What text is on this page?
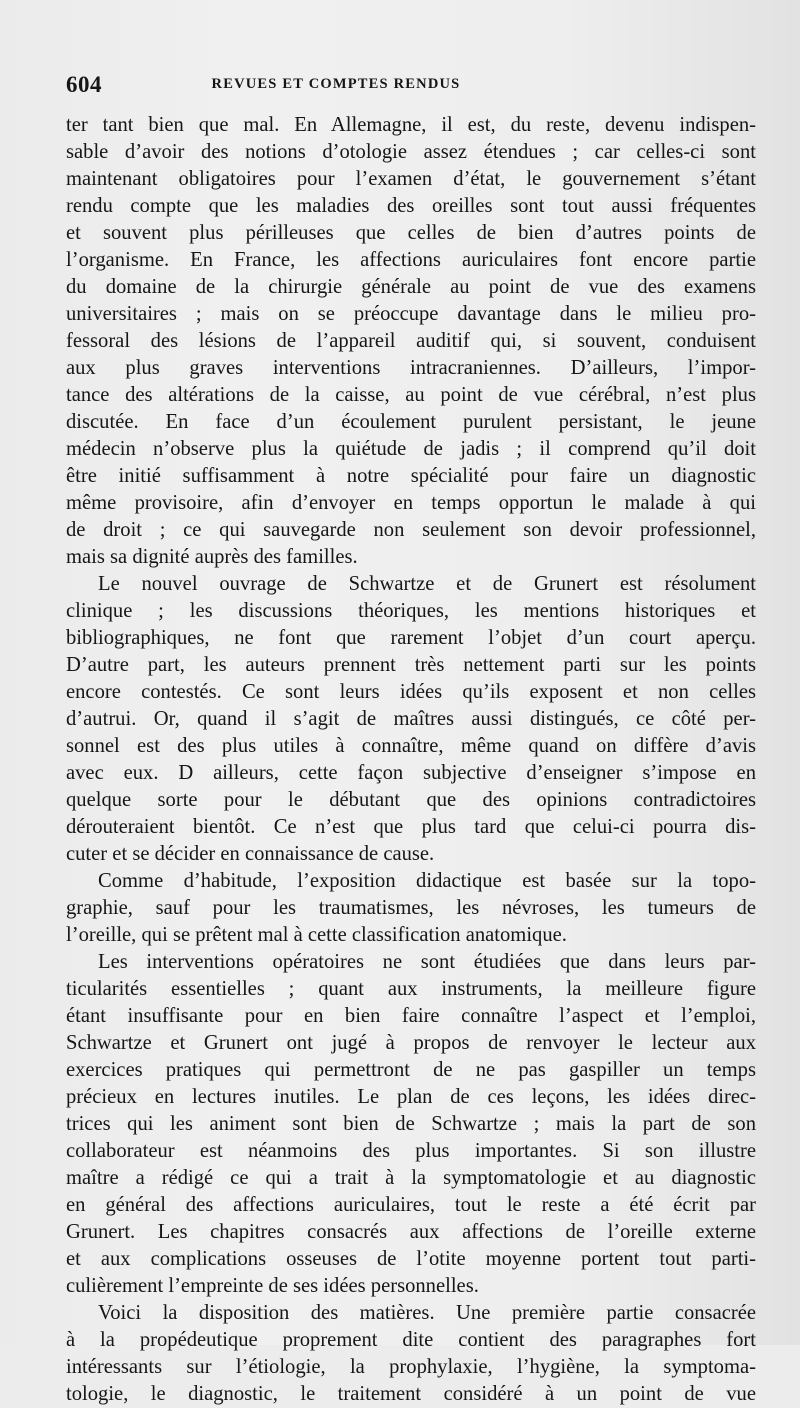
604	REVUES ET COMPTES RENDUS
ter tant bien que mal. En Allemagne, il est, du reste, devenu indispen-
sable d’avoir des notions d’otologie assez étendues ; car celles-ci sont
maintenant obligatoires pour l’examen d’état, le gouvernement s’étant
rendu compte que les maladies des oreilles sont tout aussi fréquentes
et souvent plus périlleuses que celles de bien d’autres points de
l’organisme. En France, les affections auriculaires font encore partie
du domaine de la chirurgie générale au point de vue des examens
universitaires ; mais on se préoccupe davantage dans le milieu pro-
fessoral des lésions de l’appareil auditif qui, si souvent, conduisent
aux plus graves interventions intracraniennes. D’ailleurs, l’impor-
tance des altérations de la caisse, au point de vue cérébral, n’est plus
discutée. En face d’un écoulement purulent persistant, le jeune
médecin n’observe plus la quiétude de jadis ; il comprend qu’il doit
être initié suffisamment à notre spécialité pour faire un diagnostic
même provisoire, afin d’envoyer en temps opportun le malade à qui
de droit ; ce qui sauvegarde non seulement son devoir professionnel,
mais sa dignité auprès des familles.
Le nouvel ouvrage de Schwartze et de Grunert est résolument
clinique ; les discussions théoriques, les mentions historiques et
bibliographiques, ne font que rarement l’objet d’un court aperçu.
D’autre part, les auteurs prennent très nettement parti sur les points
encore contestés. Ce sont leurs idées qu’ils exposent et non celles
d’autrui. Or, quand il s’agit de maîtres aussi distingués, ce côté per-
sonnel est des plus utiles à connaître, même quand on diffère d’avis
avec eux. D ailleurs, cette façon subjective d’enseigner s’impose en
quelque sorte pour le débutant que des opinions contradictoires
dérouteraient bientôt. Ce n’est que plus tard que celui-ci pourra dis-
cuter et se décider en connaissance de cause.
Comme d’habitude, l’exposition didactique est basée sur la topo-
graphie, sauf pour les traumatismes, les névroses, les tumeurs de
l’oreille, qui se prêtent mal à cette classification anatomique.
Les interventions opératoires ne sont étudiées que dans leurs par-
ticularités essentielles ; quant aux instruments, la meilleure figure
étant insuffisante pour en bien faire connaître l’aspect et l’emploi,
Schwartze et Grunert ont jugé à propos de renvoyer le lecteur aux
exercices pratiques qui permettront de ne pas gaspiller un temps
précieux en lectures inutiles. Le plan de ces leçons, les idées direc-
trices qui les animent sont bien de Schwartze ; mais la part de son
collaborateur est néanmoins des plus importantes. Si son illustre
maître a rédigé ce qui a trait à la symptomatologie et au diagnostic
en général des affections auriculaires, tout le reste a été écrit par
Grunert. Les chapitres consacrés aux affections de l’oreille externe
et aux complications osseuses de l’otite moyenne portent tout parti-
culièrement l’empreinte de ses idées personnelles.
Voici la disposition des matières. Une première partie consacrée
à la propédeutique proprement dite contient des paragraphes fort
intéressants sur l’étiologie, la prophylaxie, l’hygiène, la symptoma-
tologie, le diagnostic, le traitement considéré à un point de vue
